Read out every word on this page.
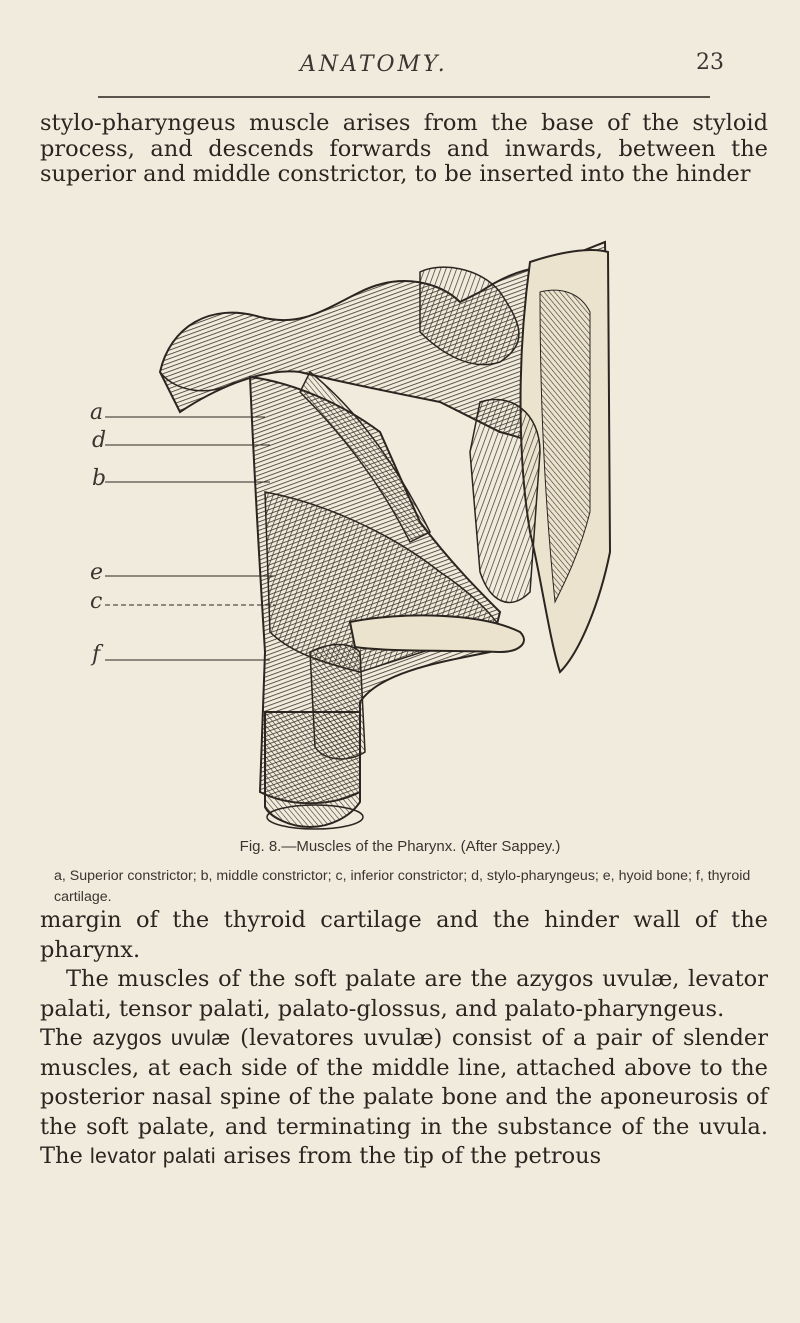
ANATOMY.	23

stylo-pharyngeus muscle arises from the base of the styloid process, and descends forwards and inwards, between the superior and middle constrictor, to be inserted into the hinder

a
d
b
e
c
f
Fig. 8.—Muscles of the Pharynx. (After Sappey.)
a, Superior constrictor; b, middle constrictor; c, inferior constrictor; d, stylo-pharyngeus; e, hyoid bone; f, thyroid cartilage.

margin of the thyroid cartilage and the hinder wall of the pharynx.

The muscles of the soft palate are the azygos uvulæ, levator palati, tensor palati, palato-glossus, and palato-pharyngeus.

The azygos uvulæ (levatores uvulæ) consist of a pair of slender muscles, at each side of the middle line, attached above to the posterior nasal spine of the palate bone and the aponeurosis of the soft palate, and terminating in the substance of the uvula. The levator palati arises from the tip of the petrous
